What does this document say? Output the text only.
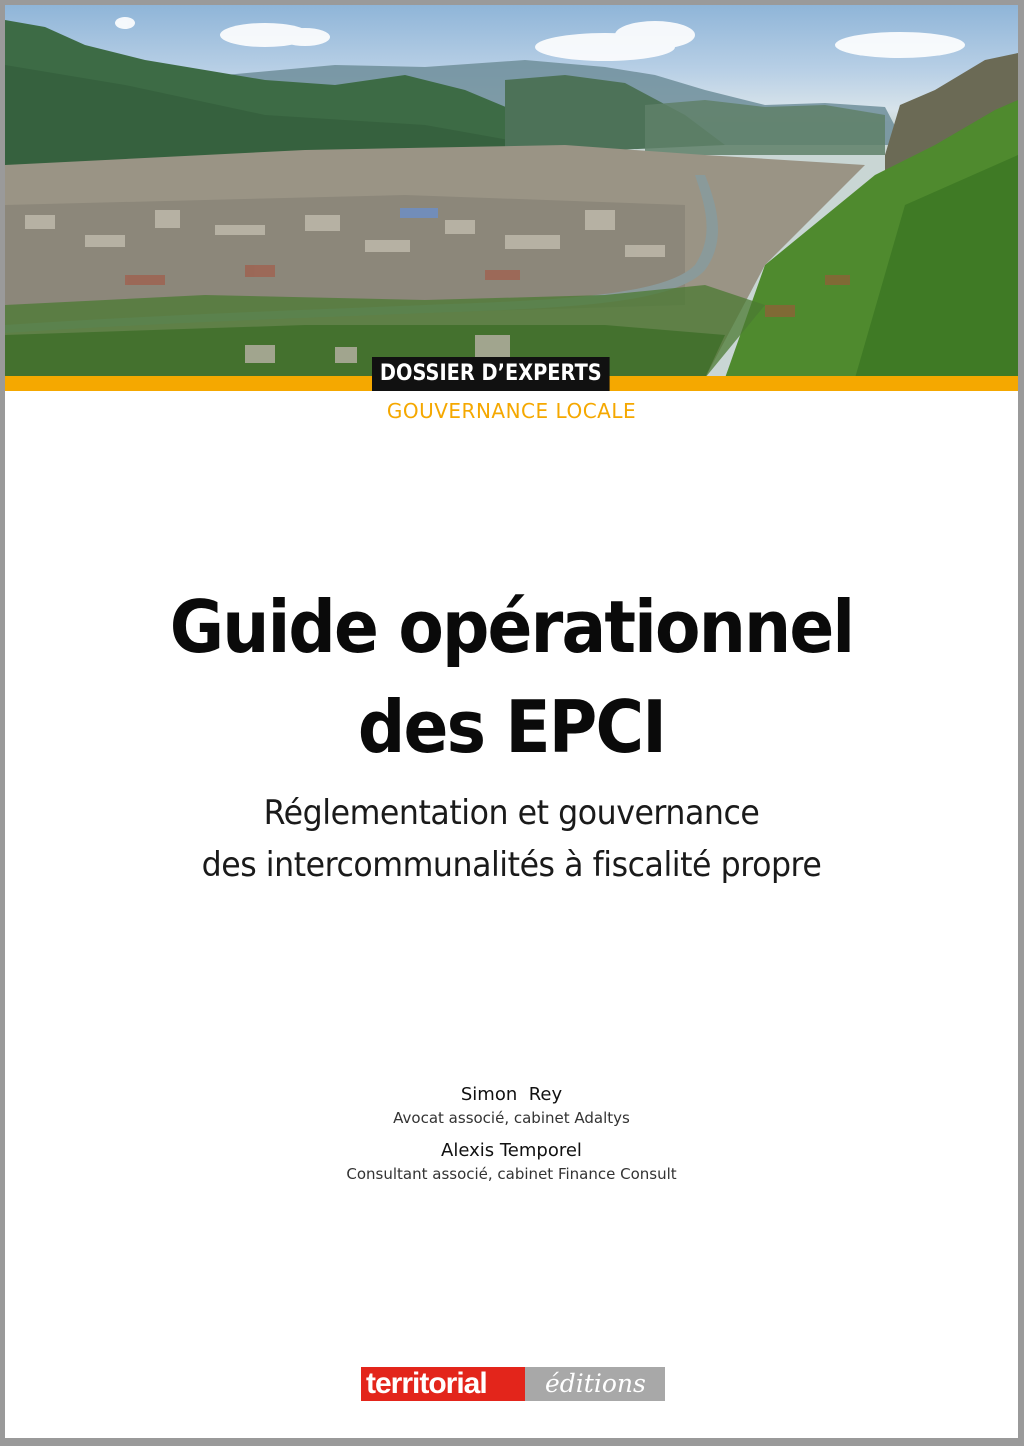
DOSSIER D’EXPERTS
GOUVERNANCE LOCALE
Guide opérationnel
des EPCI
Réglementation et gouvernance
des intercommunalités à fiscalité propre
Simon  Rey
Avocat associé, cabinet Adaltys
Alexis Temporel
Consultant associé, cabinet Finance Consult
éditions
territorial
